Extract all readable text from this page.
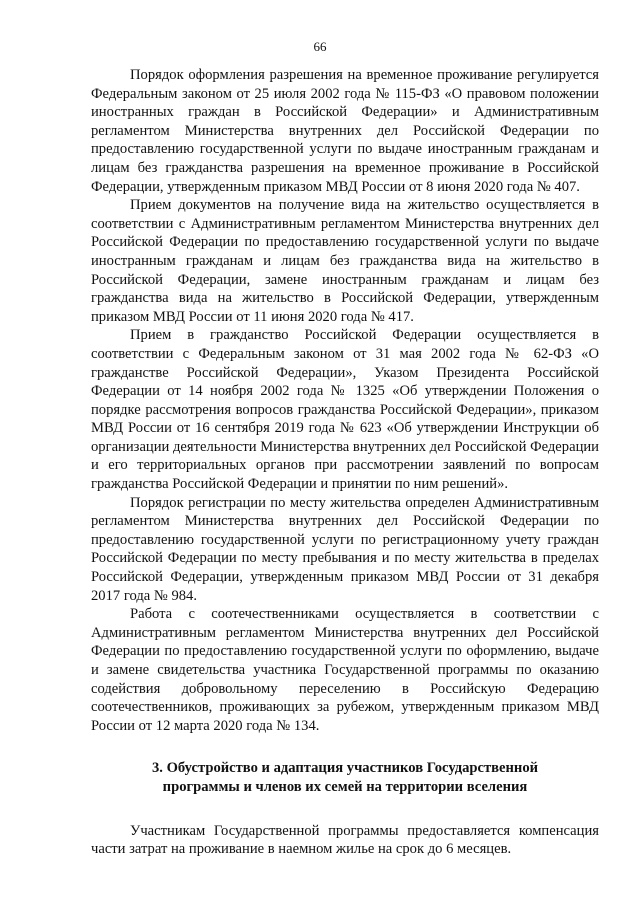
66

Порядок оформления разрешения на временное проживание регулируется Федеральным законом от 25 июля 2002 года № 115-ФЗ «О правовом положении иностранных граждан в Российской Федерации» и Административным регламентом Министерства внутренних дел Российской Федерации по предоставлению государственной услуги по выдаче иностранным гражданам и лицам без гражданства разрешения на временное проживание в Российской Федерации, утвержденным приказом МВД России от 8 июня 2020 года № 407.

Прием документов на получение вида на жительство осуществляется в соответствии с Административным регламентом Министерства внутренних дел Российской Федерации по предоставлению государственной услуги по выдаче иностранным гражданам и лицам без гражданства вида на жительство в Российской Федерации, замене иностранным гражданам и лицам без гражданства вида на жительство в Российской Федерации, утвержденным приказом МВД России от 11 июня 2020 года № 417.

Прием в гражданство Российской Федерации осуществляется в соответствии с Федеральным законом от 31 мая 2002 года № 62-ФЗ «О гражданстве Российской Федерации», Указом Президента Российской Федерации от 14 ноября 2002 года № 1325 «Об утверждении Положения о порядке рассмотрения вопросов гражданства Российской Федерации», приказом МВД России от 16 сентября 2019 года № 623 «Об утверждении Инструкции об организации деятельности Министерства внутренних дел Российской Федерации и его территориальных органов при рассмотрении заявлений по вопросам гражданства Российской Федерации и принятии по ним решений».

Порядок регистрации по месту жительства определен Административным регламентом Министерства внутренних дел Российской Федерации по предоставлению государственной услуги по регистрационному учету граждан Российской Федерации по месту пребывания и по месту жительства в пределах Российской Федерации, утвержденным приказом МВД России от 31 декабря 2017 года № 984.

Работа с соотечественниками осуществляется в соответствии с Административным регламентом Министерства внутренних дел Российской Федерации по предоставлению государственной услуги по оформлению, выдаче и замене свидетельства участника Государственной программы по оказанию содействия добровольному переселению в Российскую Федерацию соотечественников, проживающих за рубежом, утвержденным приказом МВД России от 12 марта 2020 года № 134.

3. Обустройство и адаптация участников Государственной
программы и членов их семей на территории вселения

Участникам Государственной программы предоставляется компенсация части затрат на проживание в наемном жилье на срок до 6 месяцев.
